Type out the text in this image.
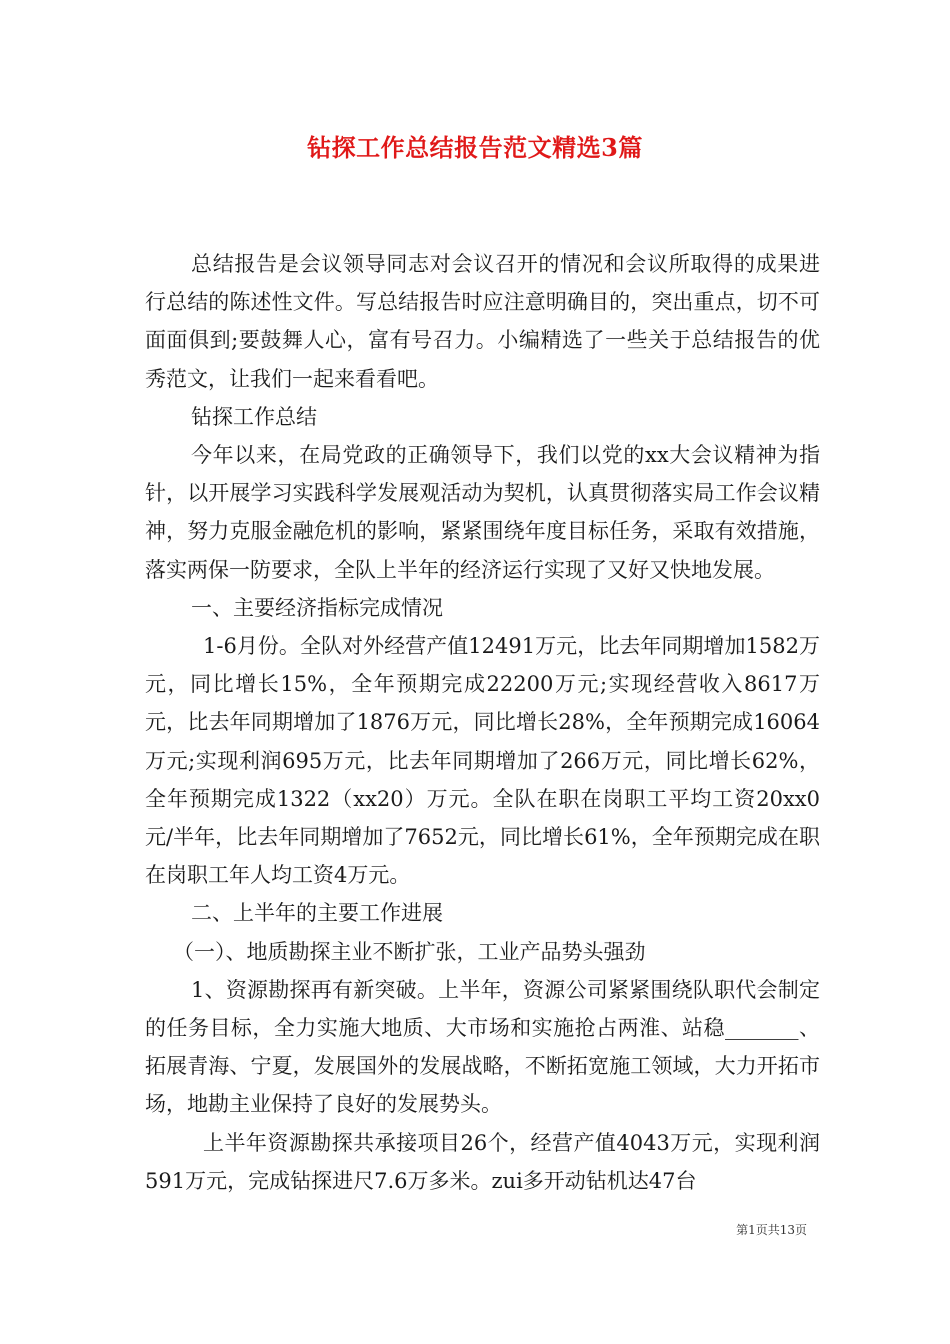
钻探工作总结报告范文精选3篇

总结报告是会议领导同志对会议召开的情况和会议所取得的成果进行总结的陈述性文件。写总结报告时应注意明确目的，突出重点，切不可面面俱到;要鼓舞人心，富有号召力。小编精选了一些关于总结报告的优秀范文，让我们一起来看看吧。

钻探工作总结

今年以来，在局党政的正确领导下，我们以党的xx大会议精神为指针，以开展学习实践科学发展观活动为契机，认真贯彻落实局工作会议精神，努力克服金融危机的影响，紧紧围绕年度目标任务，采取有效措施，落实两保一防要求，全队上半年的经济运行实现了又好又快地发展。

一、主要经济指标完成情况

1-6月份。全队对外经营产值12491万元，比去年同期增加1582万元，同比增长15%，全年预期完成22200万元;实现经营收入8617万元，比去年同期增加了1876万元，同比增长28%，全年预期完成16064万元;实现利润695万元，比去年同期增加了266万元，同比增长62%，全年预期完成1322（xx20）万元。全队在职在岗职工平均工资20xx0元/半年，比去年同期增加了7652元，同比增长61%，全年预期完成在职在岗职工年人均工资4万元。

二、上半年的主要工作进展

（一）、地质勘探主业不断扩张，工业产品势头强劲

1、资源勘探再有新突破。上半年，资源公司紧紧围绕队职代会制定的任务目标，全力实施大地质、大市场和实施抢占两淮、站稳_______、拓展青海、宁夏，发展国外的发展战略，不断拓宽施工领域，大力开拓市场，地勘主业保持了良好的发展势头。

上半年资源勘探共承接项目26个，经营产值4043万元，实现利润591万元，完成钻探进尺7.6万多米。zui多开动钻机达47台

第1页共13页
